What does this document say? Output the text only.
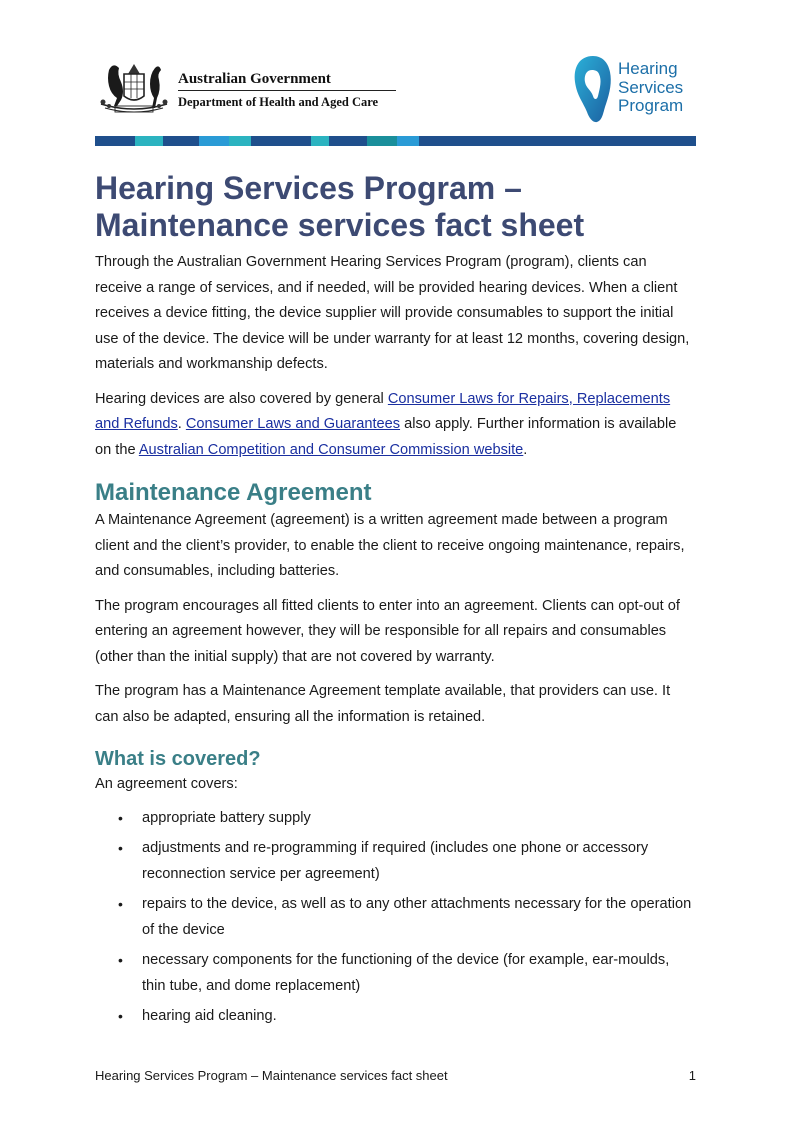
Australian Government
Department of Health and Aged Care
Hearing
Services
Program
Hearing Services Program –
Maintenance services fact sheet

Through the Australian Government Hearing Services Program (program), clients can receive a range of services, and if needed, will be provided hearing devices. When a client receives a device fitting, the device supplier will provide consumables to support the initial use of the device. The device will be under warranty for at least 12 months, covering design, materials and workmanship defects.

Hearing devices are also covered by general Consumer Laws for Repairs, Replacements and Refunds. Consumer Laws and Guarantees also apply. Further information is available on the Australian Competition and Consumer Commission website.

Maintenance Agreement

A Maintenance Agreement (agreement) is a written agreement made between a program client and the client’s provider, to enable the client to receive ongoing maintenance, repairs, and consumables, including batteries.

The program encourages all fitted clients to enter into an agreement. Clients can opt-out of entering an agreement however, they will be responsible for all repairs and consumables (other than the initial supply) that are not covered by warranty.

The program has a Maintenance Agreement template available, that providers can use. It can also be adapted, ensuring all the information is retained.

What is covered?

An agreement covers:

• appropriate battery supply
• adjustments and re-programming if required (includes one phone or accessory reconnection service per agreement)
• repairs to the device, as well as to any other attachments necessary for the operation of the device
• necessary components for the functioning of the device (for example, ear-moulds, thin tube, and dome replacement)
• hearing aid cleaning.
Hearing Services Program – Maintenance services fact sheet	1
